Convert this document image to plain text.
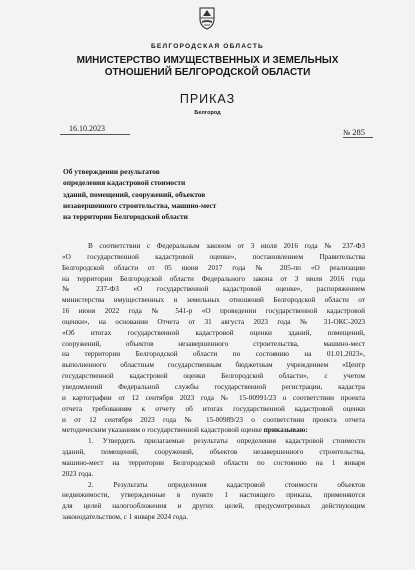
БЕЛГОРОДСКАЯ ОБЛАСТЬ
МИНИСТЕРСТВО ИМУЩЕСТВЕННЫХ И ЗЕМЕЛЬНЫХ
ОТНОШЕНИЙ БЕЛГОРОДСКОЙ ОБЛАСТИ
ПРИКАЗ
Белгород
16.10.2023	№ 285
Об утверждении результатов
определения кадастровой стоимости
зданий, помещений, сооружений, объектов
незавершенного строительства, машино-мест
на территории Белгородской области
В соответствии с Федеральным законом от 3 июля 2016 года № 237-ФЗ
«О государственной кадастровой оценке», постановлением Правительства
Белгородской области от 05 июня 2017 года № 205-пп «О реализации
на территории Белгородской области Федерального закона от 3 июля 2016 года
№ 237-ФЗ «О государственной кадастровой оценке», распоряжением
министерства имущественных и земельных отношений Белгородской области от
16 июня 2022 года № 541-р «О проведении государственной кадастровой
оценки», на основании Отчета от 31 августа 2023 года № 31-ОКС-2023
«Об итогах государственной кадастровой оценки зданий, помещений,
сооружений, объектов незавершенного строительства, машино-мест
на территории Белгородской области по состоянию на 01.01.2023»,
выполненного областным государственным бюджетным учреждением «Центр
государственной кадастровой оценки Белгородской области», с учетом
уведомлений Федеральной службы государственной регистрации, кадастра
и картографии от 12 сентября 2023 года № 15-00991/23 о соответствии проекта
отчета требованиям к отчету об итогах государственной кадастровой оценки
и от 12 сентября 2023 года № 15-00989/23 о соответствии проекта отчета
методическим указаниям о государственной кадастровой оценке приказываю:
1. Утвердить прилагаемые результаты определения кадастровой стоимости
зданий, помещений, сооружений, объектов незавершенного строительства,
машино-мест на территории Белгородской области по состоянию на 1 января
2023 года.
2. Результаты определения кадастровой стоимости объектов
недвижимости, утвержденные в пункте 1 настоящего приказа, применяются
для целей налогообложения и других целей, предусмотренных действующим
законодательством, с 1 января 2024 года.
